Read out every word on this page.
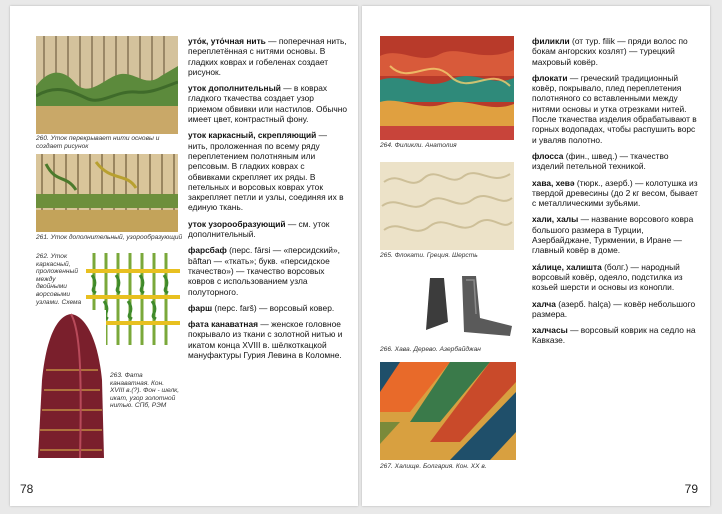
260. Уток перекрывает нити основы и создает рисунок
261. Уток дополнительный, узорообразующий
262. Уток каркасный, проложенный между двойными ворсовыми узлами. Схема
263. Фата канаватная. Кон. XVIII в.(?). Фон - шелк, икат, узор золотной нитью. СПб, РЭМ
уто́к, уто́чная нить — поперечная нить, переплетённая с нитями основы. В гладких коврах и гобеленах создает рисунок.
уток дополнительный — в коврах гладкого ткачества создает узор приемом обвивки или настилов. Обычно имеет цвет, контрастный фону.
уток каркасный, скрепляющий — нить, проложенная по всему ряду переплетением полотняным или репсовым. В гладких коврах с обвивками скрепляет их ряды. В петельных и ворсовых коврах уток закрепляет петли и узлы, соединяя их в единую ткань.
уток узорообразующий — см. уток дополнительный.
фарсбаф (перс. fārsi — «персидский», bāftan — «ткать»; букв. «персидское ткачество») — ткачество ворсовых ковров с использованием узла полуторного.
фарш (перс. farš) — ворсовый ковер.
фата канаватная — женское головное покрывало из ткани с золотной нитью и икатом конца XVIII в. шёлкоткацкой мануфактуры Гурия Левина в Коломне.
78
264. Филикли. Анатолия
265. Флокати. Греция. Шерсть
266. Хава. Дерево. Азербайджан
267. Халище. Болгария. Кон. XX в.
филикли (от тур. filik — пряди волос по бокам ангорских козлят) — турецкий махровый ковёр.
флокати — греческий традиционный ковёр, покрывало, плед переплетения полотняного со вставленными между нитями основы и утка отрезками нитей. После ткачества изделия обрабатывают в горных водопадах, чтобы распушить ворс и уваляв полотно.
флосса (фин., швед.) — ткачество изделий петельной техникой.
хава, хевә (тюрк., азерб.) — колотушка из твердой древесины (до 2 кг весом, бывает с металлическими зубьями.
хали, халы — название ворсового ковра большого размера в Турции, Азербайджане, Туркмении, в Иране — главный ковёр в доме.
ха́лице, халишта (болг.) — народный ворсовый ковёр, одеяло, подстилка из козьей шерсти и основы из конопли.
халча (азерб. halça) — ковёр небольшого размера.
халчасы — ворсовый коврик на седло на Кавказе.
79
